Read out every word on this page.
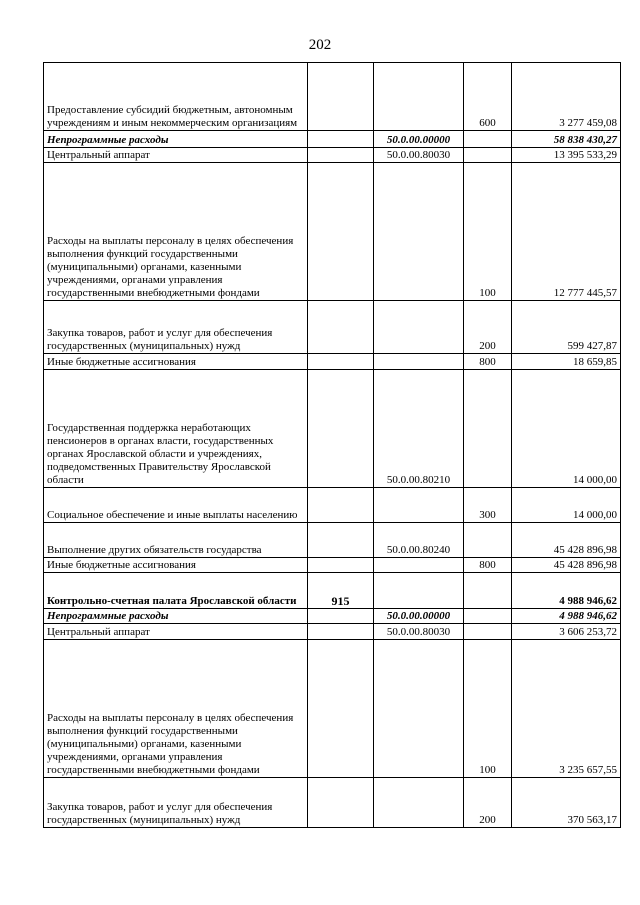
202
Предоставление субсидий бюджетным, автономным учреждениям и иным некоммерческим организациям			600	3 277 459,08
Непрограммные расходы		50.0.00.00000		58 838 430,27
Центральный аппарат		50.0.00.80030		13 395 533,29
Расходы на выплаты персоналу в целях обеспечения выполнения функций государственными (муниципальными) органами, казенными учреждениями, органами управления государственными внебюджетными фондами			100	12 777 445,57
Закупка товаров, работ и услуг для обеспечения государственных (муниципальных) нужд			200	599 427,87
Иные бюджетные ассигнования			800	18 659,85
Государственная поддержка неработающих пенсионеров в органах власти, государственных органах Ярославской области и учреждениях, подведомственных Правительству Ярославской области		50.0.00.80210		14 000,00
Социальное обеспечение и иные выплаты населению			300	14 000,00
Выполнение других обязательств государства		50.0.00.80240		45 428 896,98
Иные бюджетные ассигнования			800	45 428 896,98
Контрольно-счетная палата Ярославской области	915			4 988 946,62
Непрограммные расходы		50.0.00.00000		4 988 946,62
Центральный аппарат		50.0.00.80030		3 606 253,72
Расходы на выплаты персоналу в целях обеспечения выполнения функций государственными (муниципальными) органами, казенными учреждениями, органами управления государственными внебюджетными фондами			100	3 235 657,55
Закупка товаров, работ и услуг для обеспечения государственных (муниципальных) нужд			200	370 563,17
